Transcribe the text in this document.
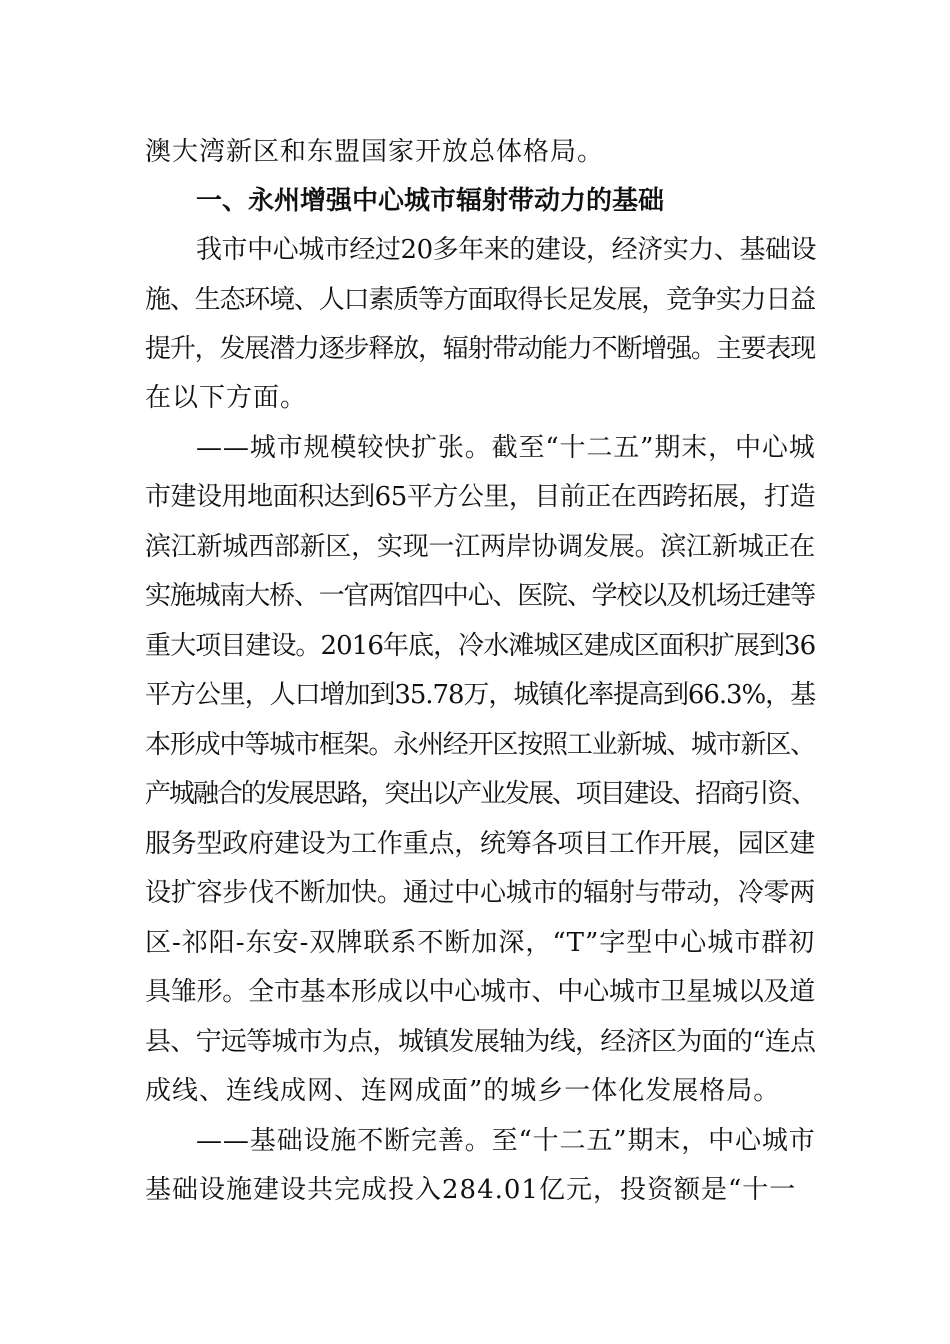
澳大湾新区和东盟国家开放总体格局。
一、永州增强中心城市辐射带动力的基础
我市中心城市经过20多年来的建设，经济实力、基础设
施、生态环境、人口素质等方面取得长足发展，竞争实力日益
提升，发展潜力逐步释放，辐射带动能力不断增强。主要表现
在以下方面。
——城市规模较快扩张。截至“十二五”期末，中心城
市建设用地面积达到65平方公里，目前正在西跨拓展，打造
滨江新城西部新区，实现一江两岸协调发展。滨江新城正在
实施城南大桥、一官两馆四中心、医院、学校以及机场迁建等
重大项目建设。2016年底，冷水滩城区建成区面积扩展到36
平方公里，人口增加到35.78万，城镇化率提高到66.3%，基
本形成中等城市框架。永州经开区按照工业新城、城市新区、
产城融合的发展思路，突出以产业发展、项目建设、招商引资、
服务型政府建设为工作重点，统筹各项目工作开展，园区建
设扩容步伐不断加快。通过中心城市的辐射与带动，冷零两
区-祁阳-东安-双牌联系不断加深，“T”字型中心城市群初
具雏形。全市基本形成以中心城市、中心城市卫星城以及道
县、宁远等城市为点，城镇发展轴为线，经济区为面的“连点
成线、连线成网、连网成面”的城乡一体化发展格局。
——基础设施不断完善。至“十二五”期末，中心城市
基础设施建设共完成投入284.01亿元，投资额是“十一
